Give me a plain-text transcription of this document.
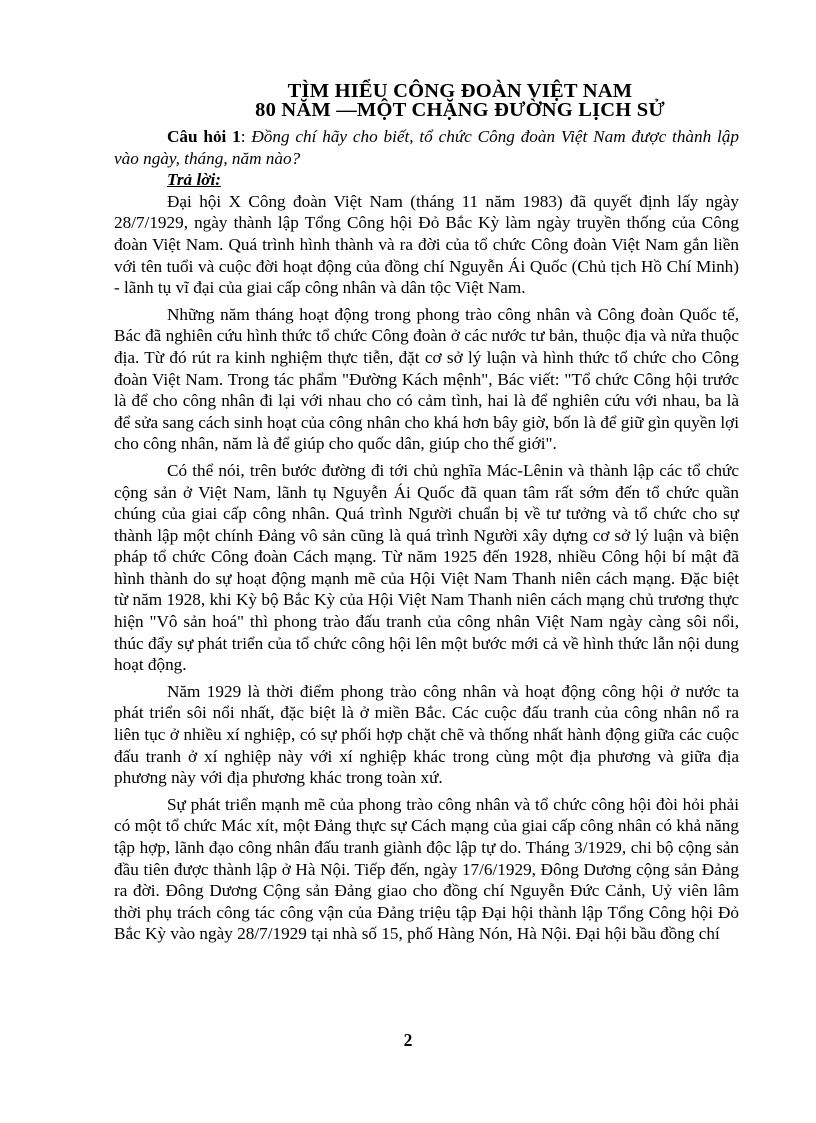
TÌM HIỂU CÔNG ĐOÀN VIỆT NAM
80 NĂM —MỘT CHẶNG ĐƯỜNG LỊCH SỬ

Câu hỏi 1: Đồng chí hãy cho biết, tổ chức Công đoàn Việt Nam được thành lập vào ngày, tháng, năm nào?

Trả lời:

Đại hội X Công đoàn Việt Nam (tháng 11 năm 1983) đã quyết định lấy ngày 28/7/1929, ngày thành lập Tổng Công hội Đỏ Bắc Kỳ làm ngày truyền thống của Công đoàn Việt Nam. Quá trình hình thành và ra đời của tổ chức Công đoàn Việt Nam gắn liền với tên tuổi và cuộc đời hoạt động của đồng chí Nguyễn Ái Quốc (Chủ tịch Hồ Chí Minh) - lãnh tụ vĩ đại của giai cấp công nhân và dân tộc Việt Nam.

Những năm tháng hoạt động trong phong trào công nhân và Công đoàn Quốc tế, Bác đã nghiên cứu hình thức tổ chức Công đoàn ở các nước tư bản, thuộc địa và nửa thuộc địa. Từ đó rút ra kinh nghiệm thực tiễn, đặt cơ sở lý luận và hình thức tổ chức cho Công đoàn Việt Nam. Trong tác phẩm "Đường Kách mệnh", Bác viết: "Tổ chức Công hội trước là để cho công nhân đi lại với nhau cho có cảm tình, hai là để nghiên cứu với nhau, ba là để sửa sang cách sinh hoạt của công nhân cho khá hơn bây giờ, bốn là để giữ gìn quyền lợi cho công nhân, năm là để giúp cho quốc dân, giúp cho thế giới".

Có thể nói, trên bước đường đi tới chủ nghĩa Mác-Lênin và thành lập các tổ chức cộng sản ở Việt Nam, lãnh tụ Nguyễn Ái Quốc đã quan tâm rất sớm đến tổ chức quần chúng của giai cấp công nhân. Quá trình Người chuẩn bị về tư tưởng và tổ chức cho sự thành lập một chính Đảng vô sản cũng là quá trình Người xây dựng cơ sở lý luận và biện pháp tổ chức Công đoàn Cách mạng. Từ năm 1925 đến 1928, nhiều Công hội bí mật đã hình thành do sự hoạt động mạnh mẽ của Hội Việt Nam Thanh niên cách mạng. Đặc biệt từ năm 1928, khi Kỳ bộ Bắc Kỳ của Hội Việt Nam Thanh niên cách mạng chủ trương thực hiện "Vô sản hoá" thì phong trào đấu tranh của công nhân Việt Nam ngày càng sôi nổi, thúc đẩy sự phát triển của tổ chức công hội lên một bước mới cả về hình thức lẫn nội dung hoạt động.

Năm 1929 là thời điểm phong trào công nhân và hoạt động công hội ở nước ta phát triển sôi nổi nhất, đặc biệt là ở miền Bắc. Các cuộc đấu tranh của công nhân nổ ra liên tục ở nhiều xí nghiệp, có sự phối hợp chặt chẽ và thống nhất hành động giữa các cuộc đấu tranh ở xí nghiệp này với xí nghiệp khác trong cùng một địa phương và giữa địa phương này với địa phương khác trong toàn xứ.

Sự phát triển mạnh mẽ của phong trào công nhân và tổ chức công hội đòi hỏi phải có một tổ chức Mác xít, một Đảng thực sự Cách mạng của giai cấp công nhân có khả năng tập hợp, lãnh đạo công nhân đấu tranh giành độc lập tự do. Tháng 3/1929, chi bộ cộng sản đầu tiên được thành lập ở Hà Nội. Tiếp đến, ngày 17/6/1929, Đông Dương cộng sản Đảng ra đời. Đông Dương Cộng sản Đảng giao cho đồng chí Nguyễn Đức Cảnh, Uỷ viên lâm thời phụ trách công tác công vận của Đảng triệu tập Đại hội thành lập Tổng Công hội Đỏ Bắc Kỳ vào ngày 28/7/1929 tại nhà số 15, phố Hàng Nón, Hà Nội. Đại hội bầu đồng chí

2
